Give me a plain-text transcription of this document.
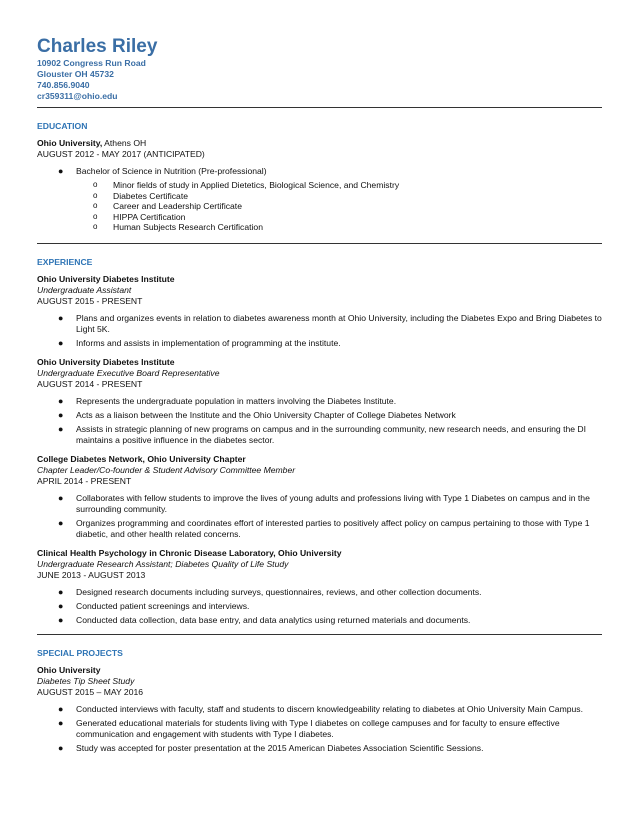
Charles Riley
10902 Congress Run Road
Glouster OH 45732
740.856.9040
cr359311@ohio.edu
EDUCATION
Ohio University, Athens OH
AUGUST 2012 - MAY 2017 (ANTICIPATED)
● Bachelor of Science in Nutrition (Pre-professional)
o Minor fields of study in Applied Dietetics, Biological Science, and Chemistry
o Diabetes Certificate
o Career and Leadership Certificate
o HIPPA Certification
o Human Subjects Research Certification
EXPERIENCE
Ohio University Diabetes Institute
Undergraduate Assistant
AUGUST 2015 - PRESENT
● Plans and organizes events in relation to diabetes awareness month at Ohio University, including the Diabetes Expo and Bring Diabetes to Light 5K.
● Informs and assists in implementation of programming at the institute.
Ohio University Diabetes Institute
Undergraduate Executive Board Representative
AUGUST 2014 - PRESENT
● Represents the undergraduate population in matters involving the Diabetes Institute.
● Acts as a liaison between the Institute and the Ohio University Chapter of College Diabetes Network
● Assists in strategic planning of new programs on campus and in the surrounding community, new research needs, and ensuring the DI maintains a positive influence in the diabetes sector.
College Diabetes Network, Ohio University Chapter
Chapter Leader/Co-founder & Student Advisory Committee Member
APRIL 2014 - PRESENT
● Collaborates with fellow students to improve the lives of young adults and professions living with Type 1 Diabetes on campus and in the surrounding community.
● Organizes programming and coordinates effort of interested parties to positively affect policy on campus pertaining to those with Type 1 diabetic, and other health related concerns.
Clinical Health Psychology in Chronic Disease Laboratory, Ohio University
Undergraduate Research Assistant; Diabetes Quality of Life Study
JUNE 2013 - AUGUST 2013
● Designed research documents including surveys, questionnaires, reviews, and other collection documents.
● Conducted patient screenings and interviews.
● Conducted data collection, data base entry, and data analytics using returned materials and documents.
SPECIAL PROJECTS
Ohio University
Diabetes Tip Sheet Study
AUGUST 2015 – MAY 2016
● Conducted interviews with faculty, staff and students to discern knowledgeability relating to diabetes at Ohio University Main Campus.
● Generated educational materials for students living with Type I diabetes on college campuses and for faculty to ensure effective communication and engagement with students with Type I diabetes.
● Study was accepted for poster presentation at the 2015 American Diabetes Association Scientific Sessions.
